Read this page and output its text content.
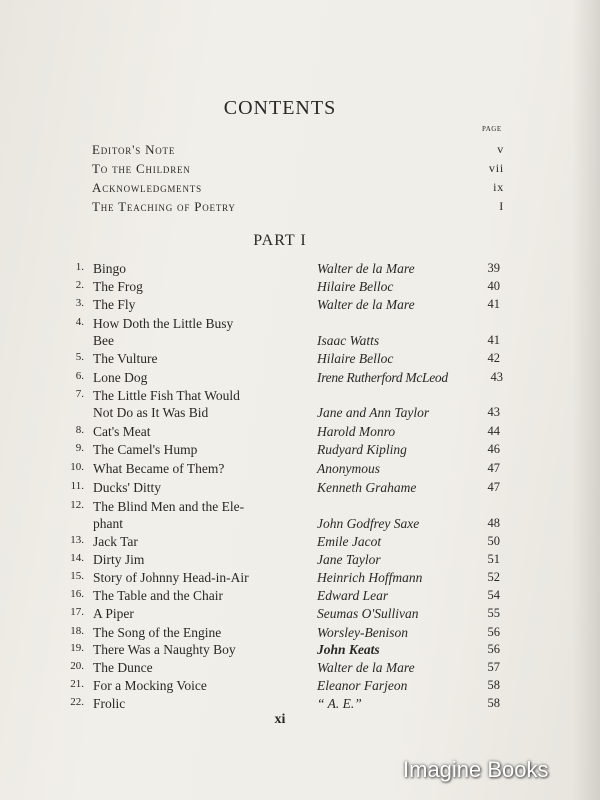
CONTENTS
PAGE
Editor's Note	v
To the Children	vii
Acknowledgments	ix
The Teaching of Poetry	I
PART I
1. Bingo	Walter de la Mare	39
2. The Frog	Hilaire Belloc	40
3. The Fly	Walter de la Mare	41
4. How Doth the Little Busy
Bee	Isaac Watts	41
5. The Vulture	Hilaire Belloc	42
6. Lone Dog	Irene Rutherford McLeod	43
7. The Little Fish That Would
Not Do as It Was Bid	Jane and Ann Taylor	43
8. Cat's Meat	Harold Monro	44
9. The Camel's Hump	Rudyard Kipling	46
10. What Became of Them?	Anonymous	47
11. Ducks' Ditty	Kenneth Grahame	47
12. The Blind Men and the Ele-
phant	John Godfrey Saxe	48
13. Jack Tar	Emile Jacot	50
14. Dirty Jim	Jane Taylor	51
15. Story of Johnny Head-in-Air	Heinrich Hoffmann	52
16. The Table and the Chair	Edward Lear	54
17. A Piper	Seumas O'Sullivan	55
18. The Song of the Engine	Worsley-Benison	56
19. There Was a Naughty Boy	John Keats	56
20. The Dunce	Walter de la Mare	57
21. For a Mocking Voice	Eleanor Farjeon	58
22. Frolic	“ A. E.”	58
xi
Imagine Books
